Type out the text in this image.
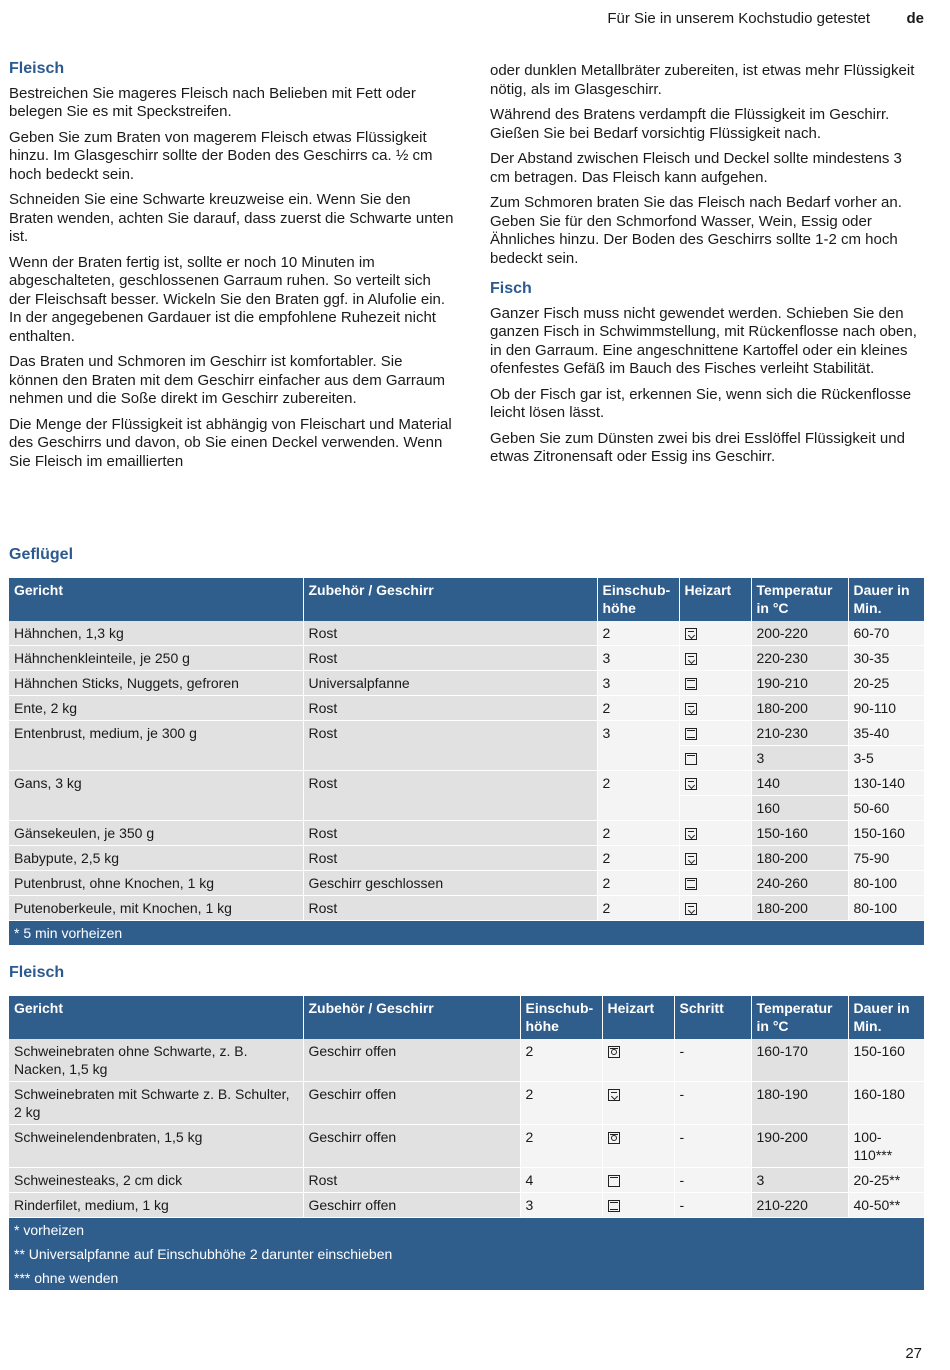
Für Sie in unserem Kochstudio getestet de
Fleisch

Bestreichen Sie mageres Fleisch nach Belieben mit Fett oder belegen Sie es mit Speckstreifen.

Geben Sie zum Braten von magerem Fleisch etwas Flüssigkeit hinzu. Im Glasgeschirr sollte der Boden des Geschirrs ca. ½ cm hoch bedeckt sein.

Schneiden Sie eine Schwarte kreuzweise ein. Wenn Sie den Braten wenden, achten Sie darauf, dass zuerst die Schwarte unten ist.

Wenn der Braten fertig ist, sollte er noch 10 Minuten im abgeschalteten, geschlossenen Garraum ruhen. So verteilt sich der Fleischsaft besser. Wickeln Sie den Braten ggf. in Alufolie ein. In der angegebenen Gardauer ist die empfohlene Ruhezeit nicht enthalten.

Das Braten und Schmoren im Geschirr ist komfortabler. Sie können den Braten mit dem Geschirr einfacher aus dem Garraum nehmen und die Soße direkt im Geschirr zubereiten.

Die Menge der Flüssigkeit ist abhängig von Fleischart und Material des Geschirrs und davon, ob Sie einen Deckel verwenden. Wenn Sie Fleisch im emaillierten

oder dunklen Metallbräter zubereiten, ist etwas mehr Flüssigkeit nötig, als im Glasgeschirr.

Während des Bratens verdampft die Flüssigkeit im Geschirr. Gießen Sie bei Bedarf vorsichtig Flüssigkeit nach.

Der Abstand zwischen Fleisch und Deckel sollte mindestens 3 cm betragen. Das Fleisch kann aufgehen.

Zum Schmoren braten Sie das Fleisch nach Bedarf vorher an. Geben Sie für den Schmorfond Wasser, Wein, Essig oder Ähnliches hinzu. Der Boden des Geschirrs sollte 1-2 cm hoch bedeckt sein.

Fisch

Ganzer Fisch muss nicht gewendet werden. Schieben Sie den ganzen Fisch in Schwimmstellung, mit Rückenflosse nach oben, in den Garraum. Eine angeschnittene Kartoffel oder ein kleines ofenfestes Gefäß im Bauch des Fisches verleiht Stabilität.

Ob der Fisch gar ist, erkennen Sie, wenn sich die Rückenflosse leicht lösen lässt.

Geben Sie zum Dünsten zwei bis drei Esslöffel Flüssigkeit und etwas Zitronensaft oder Essig ins Geschirr.

Geflügel
Gericht	Zubehör / Geschirr	Einschub-höhe	Heizart	Temperatur in °C	Dauer in Min.
Hähnchen, 1,3 kg	Rost	2		200-220	60-70
Hähnchenkleinteile, je 250 g	Rost	3		220-230	30-35
Hähnchen Sticks, Nuggets, gefroren	Universalpfanne	3		190-210	20-25
Ente, 2 kg	Rost	2		180-200	90-110
Entenbrust, medium, je 300 g	Rost	3		210-230	35-40
				3	3-5
Gans, 3 kg	Rost	2		140	130-140
				160	50-60
Gänsekeulen, je 350 g	Rost	2		150-160	150-160
Babypute, 2,5 kg	Rost	2		180-200	75-90
Putenbrust, ohne Knochen, 1 kg	Geschirr geschlossen	2		240-260	80-100
Putenoberkeule, mit Knochen, 1 kg	Rost	2		180-200	80-100
* 5 min vorheizen					
Fleisch
Gericht	Zubehör / Geschirr	Einschub-höhe	Heizart	Schritt	Temperatur in °C	Dauer in Min.
Schweinebraten ohne Schwarte, z. B. Nacken, 1,5 kg	Geschirr offen	2		-	160-170	150-160
Schweinebraten mit Schwarte z. B. Schulter, 2 kg	Geschirr offen	2		-	180-190	160-180
Schweinelendenbraten, 1,5 kg	Geschirr offen	2		-	190-200	100-110***
Schweinesteaks, 2 cm dick	Rost	4		-	3	20-25**
Rinderfilet, medium, 1 kg	Geschirr offen	3		-	210-220	40-50**
* vorheizen						
** Universalpfanne auf Einschubhöhe 2 darunter einschieben						
*** ohne wenden						
27
